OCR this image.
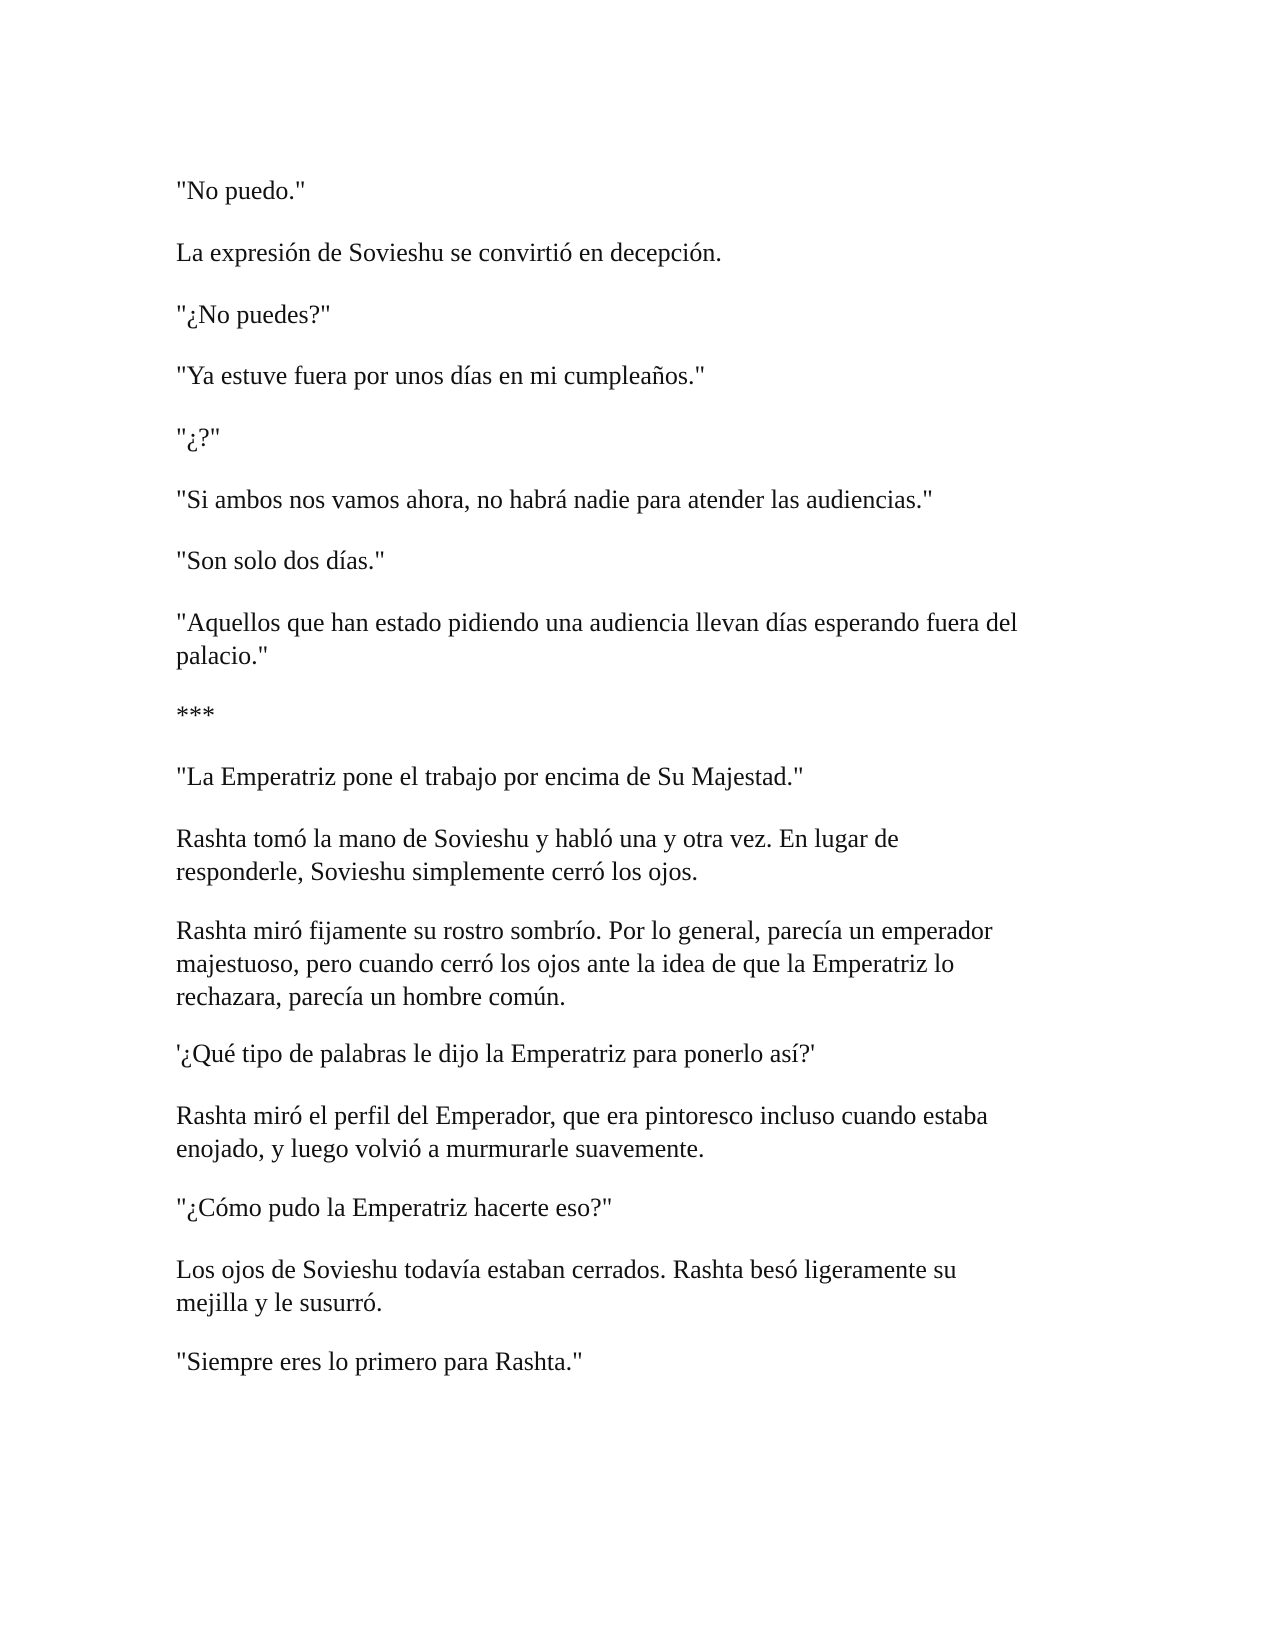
"No puedo."

La expresión de Sovieshu se convirtió en decepción.

"¿No puedes?"

"Ya estuve fuera por unos días en mi cumpleaños."

"¿?"

"Si ambos nos vamos ahora, no habrá nadie para atender las audiencias."

"Son solo dos días."

"Aquellos que han estado pidiendo una audiencia llevan días esperando fuera del
palacio."

***

"La Emperatriz pone el trabajo por encima de Su Majestad."

Rashta tomó la mano de Sovieshu y habló una y otra vez. En lugar de
responderle, Sovieshu simplemente cerró los ojos.

Rashta miró fijamente su rostro sombrío. Por lo general, parecía un emperador
majestuoso, pero cuando cerró los ojos ante la idea de que la Emperatriz lo
rechazara, parecía un hombre común.

'¿Qué tipo de palabras le dijo la Emperatriz para ponerlo así?'

Rashta miró el perfil del Emperador, que era pintoresco incluso cuando estaba
enojado, y luego volvió a murmurarle suavemente.

"¿Cómo pudo la Emperatriz hacerte eso?"

Los ojos de Sovieshu todavía estaban cerrados. Rashta besó ligeramente su
mejilla y le susurró.

"Siempre eres lo primero para Rashta."
